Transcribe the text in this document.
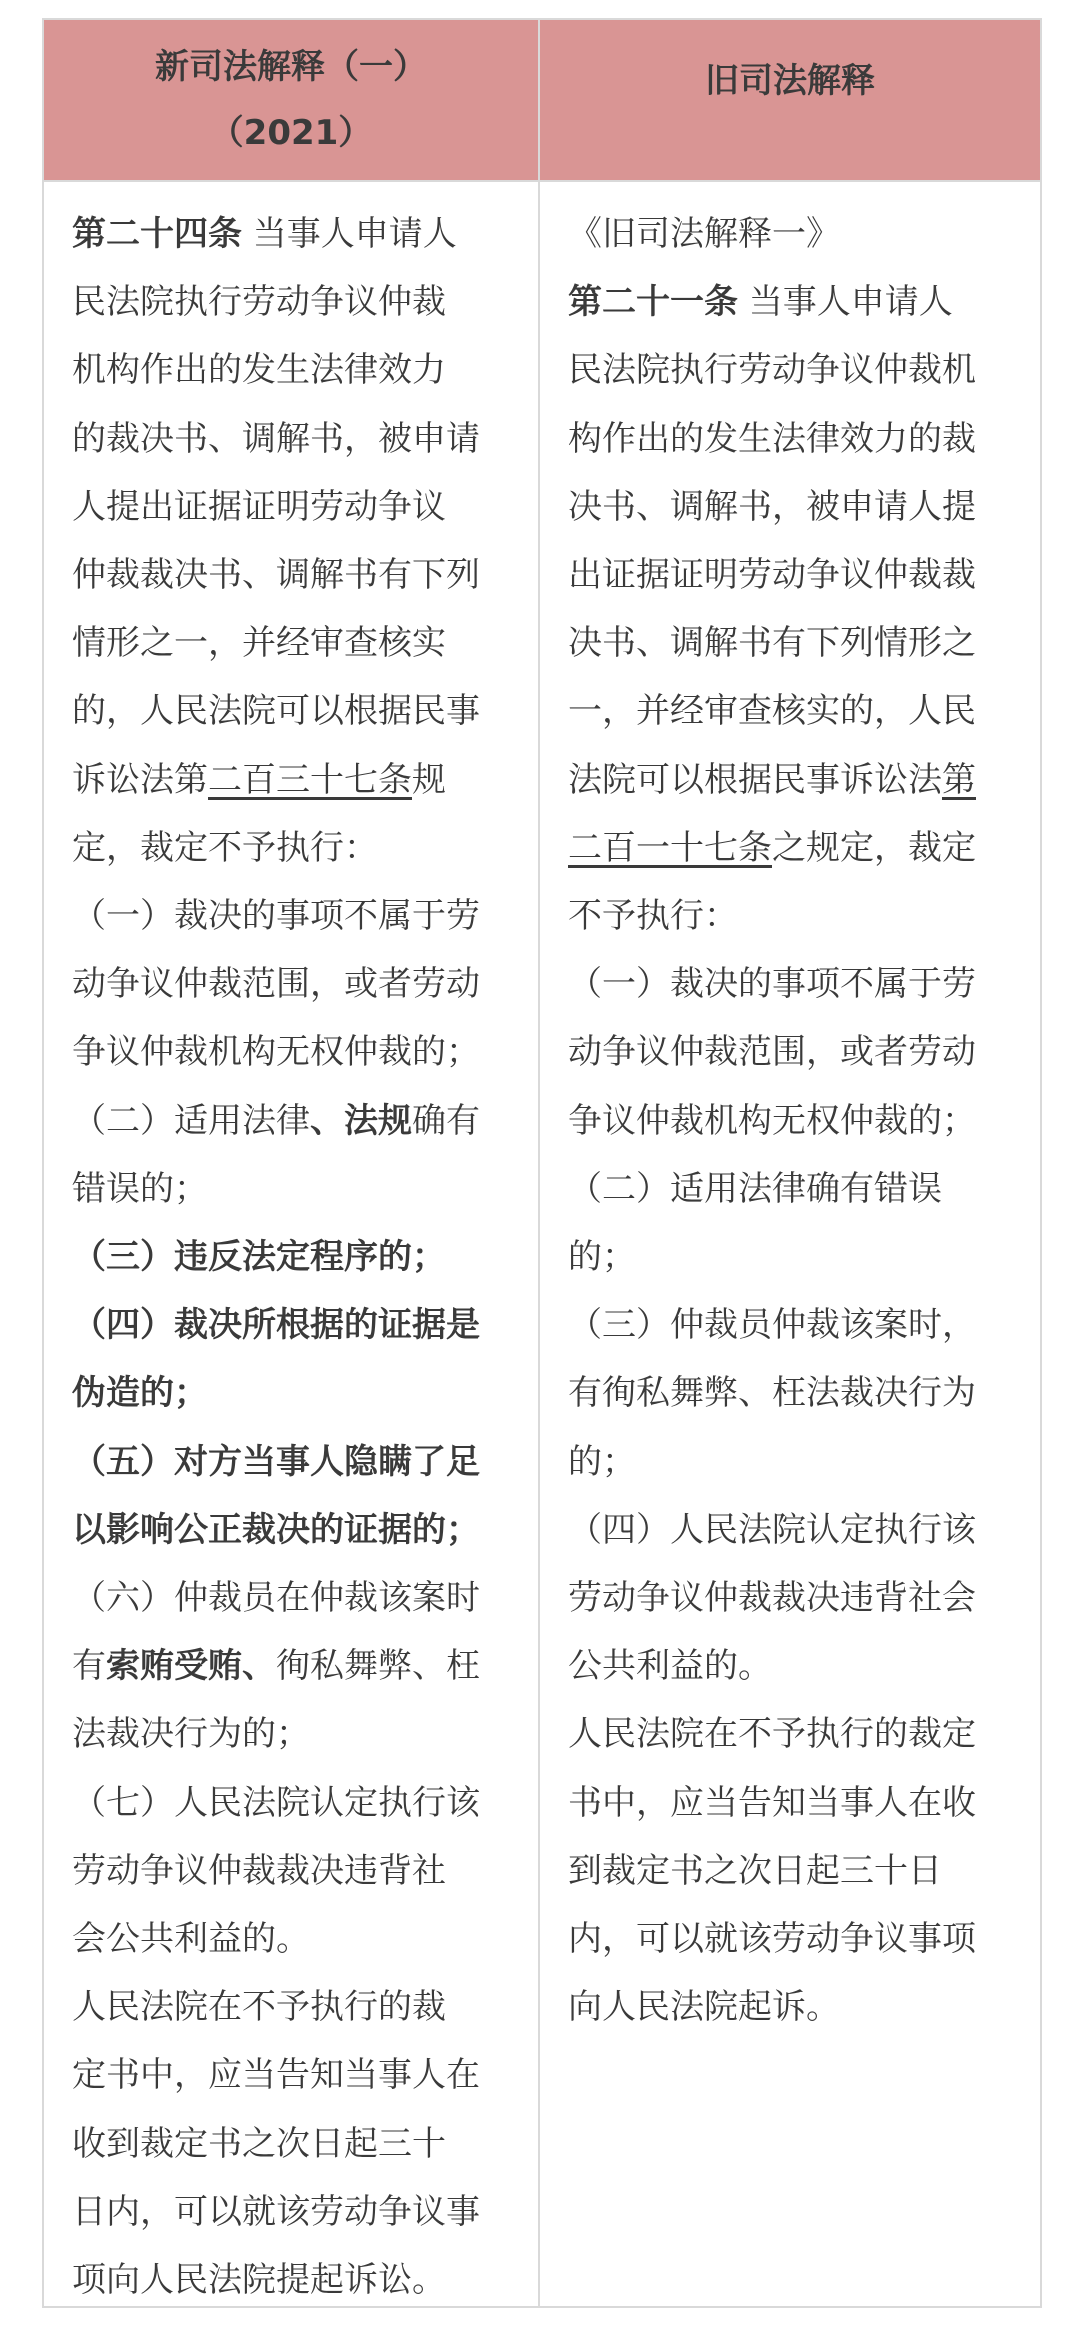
新司法解释（一）
（2021）
旧司法解释
第二十四条 当事人申请人
民法院执行劳动争议仲裁
机构作出的发生法律效力
的裁决书、调解书，被申请
人提出证据证明劳动争议
仲裁裁决书、调解书有下列
情形之一，并经审查核实
的，人民法院可以根据民事
诉讼法第二百三十七条规
定，裁定不予执行：
（一）裁决的事项不属于劳
动争议仲裁范围，或者劳动
争议仲裁机构无权仲裁的；
（二）适用法律、法规确有
错误的；
（三）违反法定程序的；
（四）裁决所根据的证据是
伪造的；
（五）对方当事人隐瞒了足
以影响公正裁决的证据的；
（六）仲裁员在仲裁该案时
有索贿受贿、徇私舞弊、枉
法裁决行为的；
（七）人民法院认定执行该
劳动争议仲裁裁决违背社
会公共利益的。
人民法院在不予执行的裁
定书中，应当告知当事人在
收到裁定书之次日起三十
日内，可以就该劳动争议事
项向人民法院提起诉讼。
《旧司法解释一》
第二十一条 当事人申请人
民法院执行劳动争议仲裁机
构作出的发生法律效力的裁
决书、调解书，被申请人提
出证据证明劳动争议仲裁裁
决书、调解书有下列情形之
一，并经审查核实的，人民
法院可以根据民事诉讼法第
二百一十七条之规定，裁定
不予执行：
（一）裁决的事项不属于劳
动争议仲裁范围，或者劳动
争议仲裁机构无权仲裁的；
（二）适用法律确有错误
的；
（三）仲裁员仲裁该案时，
有徇私舞弊、枉法裁决行为
的；
（四）人民法院认定执行该
劳动争议仲裁裁决违背社会
公共利益的。
人民法院在不予执行的裁定
书中，应当告知当事人在收
到裁定书之次日起三十日
内，可以就该劳动争议事项
向人民法院起诉。
